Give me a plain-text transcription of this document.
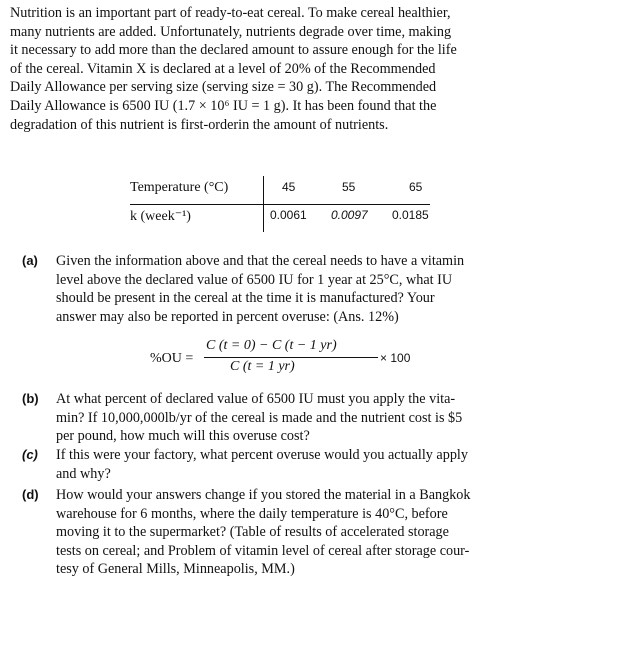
Nutrition is an important part of ready-to-eat cereal. To make cereal healthier,
many nutrients are added. Unfortunately, nutrients degrade over time, making
it necessary to add more than the declared amount to assure enough for the life
of the cereal. Vitamin X is declared at a level of 20% of the Recommended
Daily Allowance per serving size (serving size = 30 g). The Recommended
Daily Allowance is 6500 IU (1.7 × 10⁶ IU = 1 g). It has been found that the
degradation of this nutrient is first-orderin the amount of nutrients.
Temperature (°C)	45	55	65
k (week⁻¹)	0.0061 0.0097 0.0185
(a) Given the information above and that the cereal needs to have a vitamin
level above the declared value of 6500 IU for 1 year at 25°C, what IU
should be present in the cereal at the time it is manufactured? Your
answer may also be reported in percent overuse: (Ans. 12%)
%OU =
C (t = 0) − C (t − 1 yr)
C (t = 1 yr)
× 100
(b) At what percent of declared value of 6500 IU must you apply the vita-
min? If 10,000,000lb/yr of the cereal is made and the nutrient cost is $5
per pound, how much will this overuse cost?
(c) If this were your factory, what percent overuse would you actually apply
and why?
(d) How would your answers change if you stored the material in a Bangkok
warehouse for 6 months, where the daily temperature is 40°C, before
moving it to the supermarket? (Table of results of accelerated storage
tests on cereal; and Problem of vitamin level of cereal after storage cour-
tesy of General Mills, Minneapolis, MM.)
